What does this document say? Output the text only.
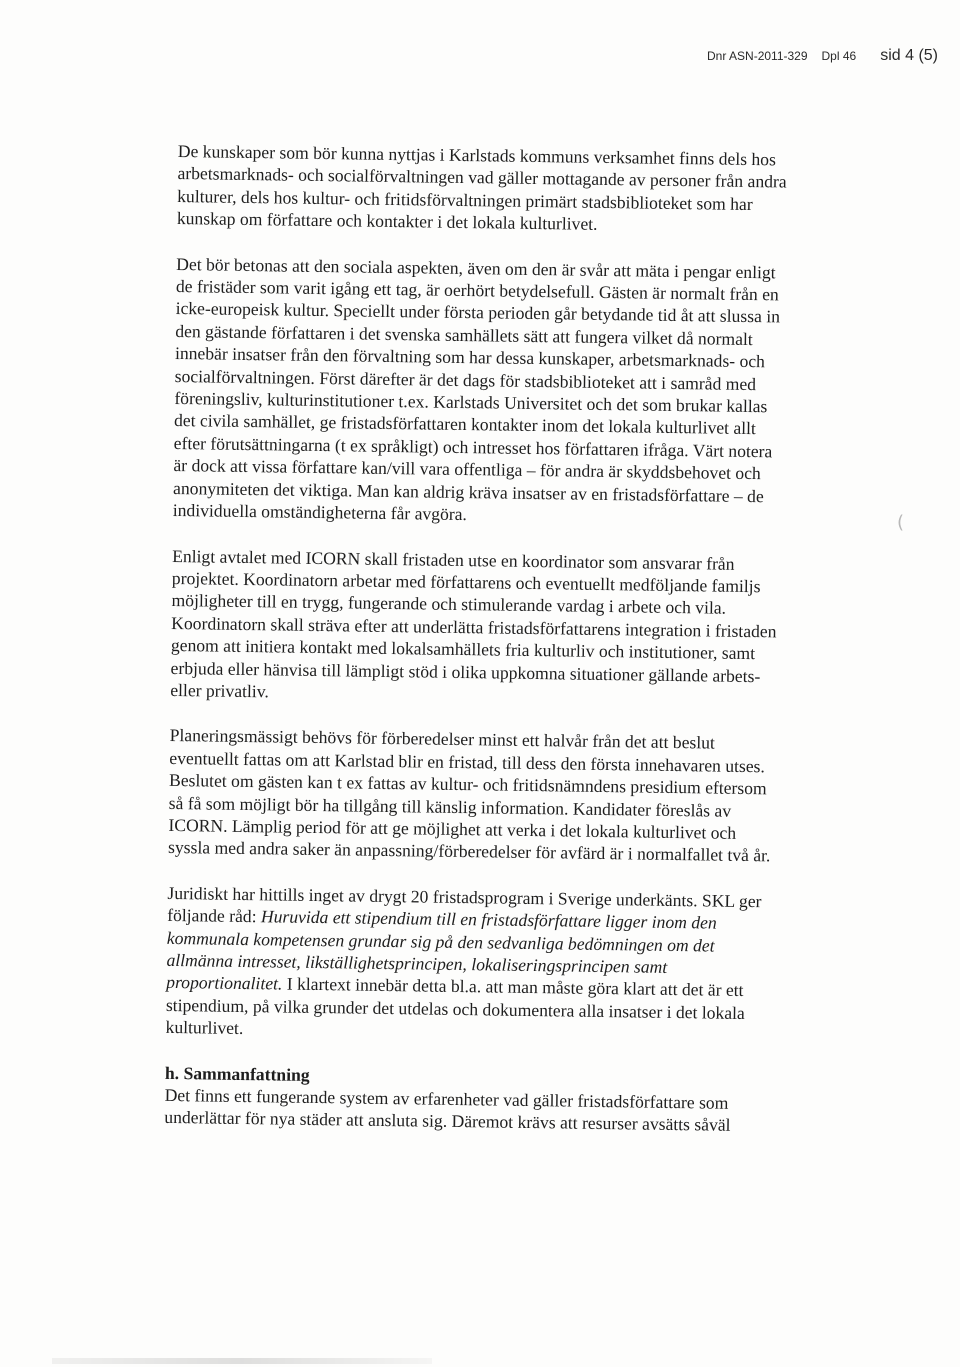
Dnr ASN-2011-329 Dpl 46 sid 4 (5)

De kunskaper som bör kunna nyttjas i Karlstads kommuns verksamhet finns dels hos arbetsmarknads- och socialförvaltningen vad gäller mottagande av personer från andra kulturer, dels hos kultur- och fritidsförvaltningen primärt stadsbiblioteket som har kunskap om författare och kontakter i det lokala kulturlivet.

Det bör betonas att den sociala aspekten, även om den är svår att mäta i pengar enligt de fristäder som varit igång ett tag, är oerhört betydelsefull. Gästen är normalt från en icke-europeisk kultur. Speciellt under första perioden går betydande tid åt att slussa in den gästande författaren i det svenska samhällets sätt att fungera vilket då normalt innebär insatser från den förvaltning som har dessa kunskaper, arbetsmarknads- och socialförvaltningen. Först därefter är det dags för stadsbiblioteket att i samråd med föreningsliv, kulturinstitutioner t.ex. Karlstads Universitet och det som brukar kallas det civila samhället, ge fristadsförfattaren kontakter inom det lokala kulturlivet allt efter förutsättningarna (t ex språkligt) och intresset hos författaren ifråga. Värt notera är dock att vissa författare kan/vill vara offentliga – för andra är skyddsbehovet och anonymiteten det viktiga. Man kan aldrig kräva insatser av en fristadsförfattare – de individuella omständigheterna får avgöra.

Enligt avtalet med ICORN skall fristaden utse en koordinator som ansvarar från projektet. Koordinatorn arbetar med författarens och eventuellt medföljande familjs möjligheter till en trygg, fungerande och stimulerande vardag i arbete och vila. Koordinatorn skall sträva efter att underlätta fristadsförfattarens integration i fristaden genom att initiera kontakt med lokalsamhällets fria kulturliv och institutioner, samt erbjuda eller hänvisa till lämpligt stöd i olika uppkomna situationer gällande arbets- eller privatliv.

Planeringsmässigt behövs för förberedelser minst ett halvår från det att beslut eventuellt fattas om att Karlstad blir en fristad, till dess den första innehavaren utses. Beslutet om gästen kan t ex fattas av kultur- och fritidsnämndens presidium eftersom så få som möjligt bör ha tillgång till känslig information. Kandidater föreslås av ICORN. Lämplig period för att ge möjlighet att verka i det lokala kulturlivet och syssla med andra saker än anpassning/förberedelser för avfärd är i normalfallet två år.

Juridiskt har hittills inget av drygt 20 fristadsprogram i Sverige underkänts. SKL ger följande råd: Huruvida ett stipendium till en fristadsförfattare ligger inom den kommunala kompetensen grundar sig på den sedvanliga bedömningen om det allmänna intresset, likställighetsprincipen, lokaliseringsprincipen samt proportionalitet. I klartext innebär detta bl.a. att man måste göra klart att det är ett stipendium, på vilka grunder det utdelas och dokumentera alla insatser i det lokala kulturlivet.

h. Sammanfattning

Det finns ett fungerande system av erfarenheter vad gäller fristadsförfattare som underlättar för nya städer att ansluta sig. Däremot krävs att resurser avsätts såväl

(
